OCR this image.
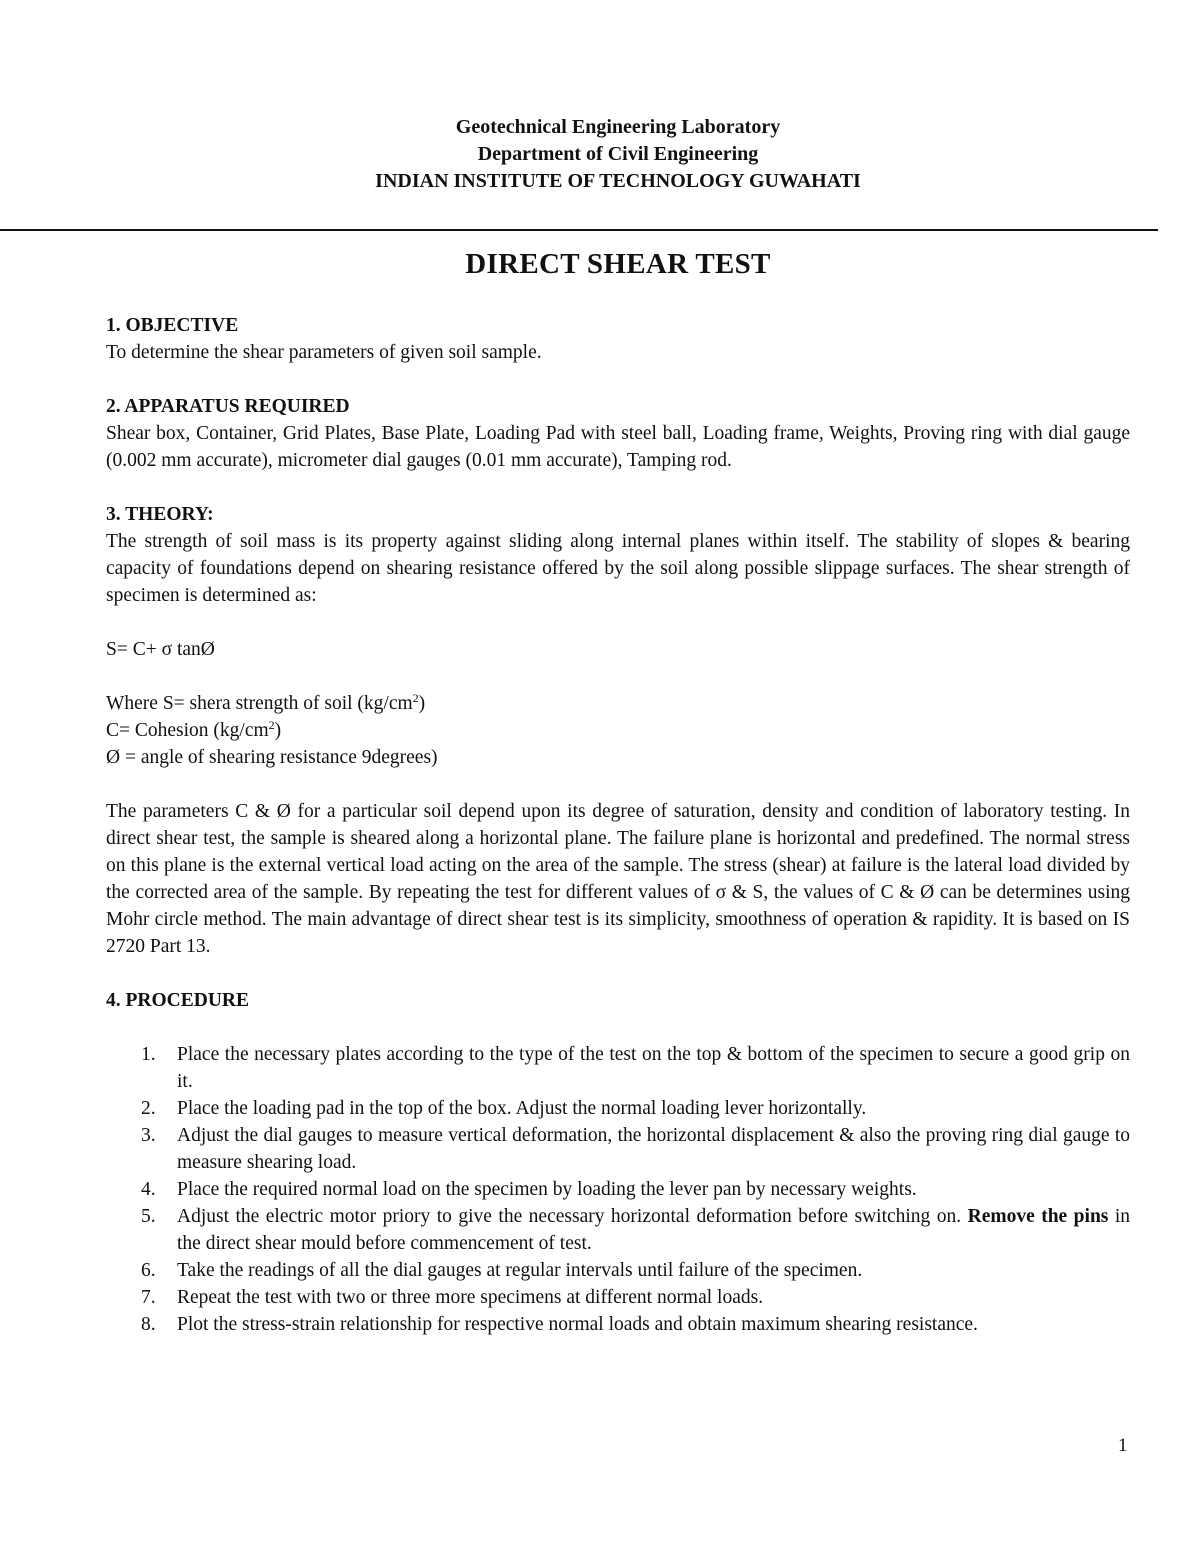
Geotechnical Engineering Laboratory
Department of Civil Engineering
INDIAN INSTITUTE OF TECHNOLOGY GUWAHATI
DIRECT SHEAR TEST

1. OBJECTIVE

To determine the shear parameters of given soil sample.

2. APPARATUS REQUIRED

Shear box, Container, Grid Plates, Base Plate, Loading Pad with steel ball, Loading frame, Weights, Proving ring with dial gauge (0.002 mm accurate), micrometer dial gauges (0.01 mm accurate), Tamping rod.

3. THEORY:

The strength of soil mass is its property against sliding along internal planes within itself. The stability of slopes & bearing capacity of foundations depend on shearing resistance offered by the soil along possible slippage surfaces. The shear strength of specimen is determined as:

S= C+ σ tanØ

Where S= shera strength of soil $(kg/cm^2)$

C= Cohesion $(kg/cm^2)$

Ø = angle of shearing resistance 9degrees)

The parameters C & Ø for a particular soil depend upon its degree of saturation, density and condition of laboratory testing. In direct shear test, the sample is sheared along a horizontal plane. The failure plane is horizontal and predefined. The normal stress on this plane is the external vertical load acting on the area of the sample. The stress (shear) at failure is the lateral load divided by the corrected area of the sample. By repeating the test for different values of σ & S, the values of C & Ø can be determines using Mohr circle method. The main advantage of direct shear test is its simplicity, smoothness of operation & rapidity. It is based on IS 2720 Part 13.

4. PROCEDURE

1. Place the necessary plates according to the type of the test on the top & bottom of the specimen to secure a good grip on it.
2. Place the loading pad in the top of the box. Adjust the normal loading lever horizontally.
3. Adjust the dial gauges to measure vertical deformation, the horizontal displacement & also the proving ring dial gauge to measure shearing load.
4. Place the required normal load on the specimen by loading the lever pan by necessary weights.
5. Adjust the electric motor priory to give the necessary horizontal deformation before switching on. Remove the pins in the direct shear mould before commencement of test.
6. Take the readings of all the dial gauges at regular intervals until failure of the specimen.
7. Repeat the test with two or three more specimens at different normal loads.
8. Plot the stress-strain relationship for respective normal loads and obtain maximum shearing resistance.
1
